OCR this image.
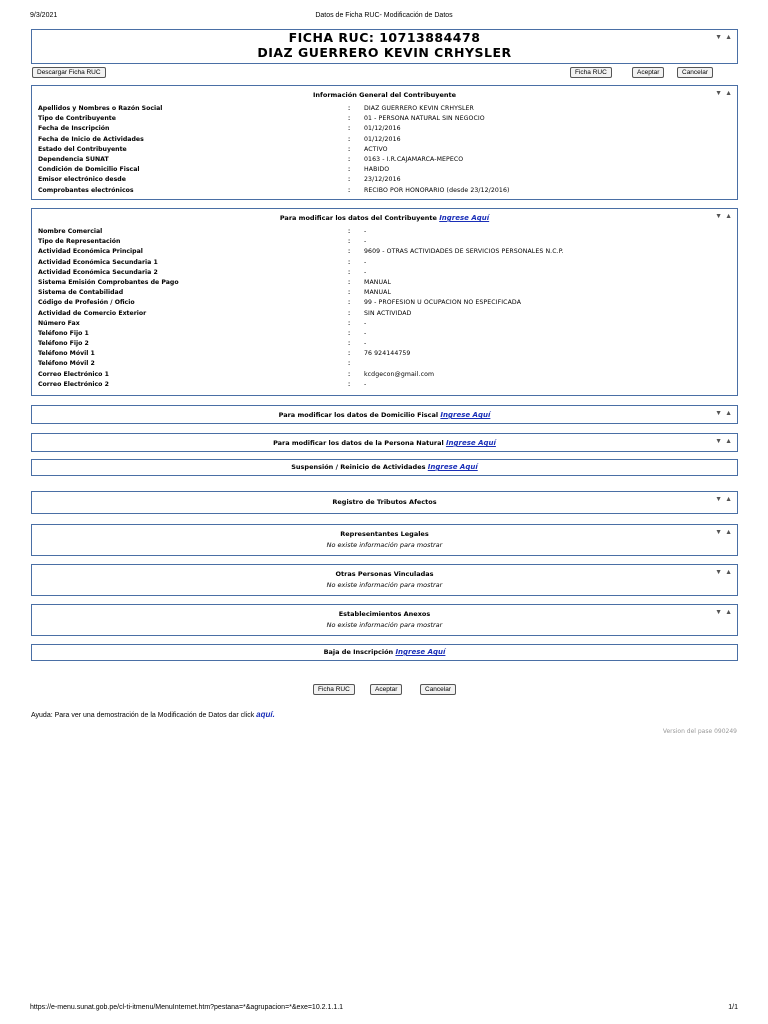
9/3/2021	Datos de Ficha RUC- Modificación de Datos
▼ ▲
FICHA RUC: 10713884478
DIAZ GUERRERO KEVIN CRHYSLER
Descargar Ficha RUC	Ficha RUC	Aceptar	Cancelar
▼ ▲
Información General del Contribuyente
Apellidos y Nombres o Razón Social	: DIAZ GUERRERO KEVIN CRHYSLER
Tipo de Contribuyente	: 01 - PERSONA NATURAL SIN NEGOCIO
Fecha de Inscripción	: 01/12/2016
Fecha de Inicio de Actividades	: 01/12/2016
Estado del Contribuyente	: ACTIVO
Dependencia SUNAT	: 0163 - I.R.CAJAMARCA-MEPECO
Condición de Domicilio Fiscal	: HABIDO
Emisor electrónico desde	: 23/12/2016
Comprobantes electrónicos	: RECIBO POR HONORARIO (desde 23/12/2016)
▼ ▲
Para modificar los datos del Contribuyente Ingrese Aquí
Nombre Comercial	: -
Tipo de Representación	: -
Actividad Económica Principal	: 9609 - OTRAS ACTIVIDADES DE SERVICIOS PERSONALES N.C.P.
Actividad Económica Secundaria 1	: -
Actividad Económica Secundaria 2	: -
Sistema Emisión Comprobantes de Pago	: MANUAL
Sistema de Contabilidad	: MANUAL
Código de Profesión / Oficio	: 99 - PROFESION U OCUPACION NO ESPECIFICADA
Actividad de Comercio Exterior	: SIN ACTIVIDAD
Número Fax	: -
Teléfono Fijo 1	: -
Teléfono Fijo 2	: -
Teléfono Móvil 1	: 76 924144759
Teléfono Móvil 2	:
Correo Electrónico 1	: kcdgecon@gmail.com
Correo Electrónico 2	: -
▼ ▲
Para modificar los datos de Domicilio Fiscal Ingrese Aquí
▼ ▲
Para modificar los datos de la Persona Natural Ingrese Aquí
Suspensión / Reinicio de Actividades Ingrese Aquí
▼ ▲
Registro de Tributos Afectos
▼ ▲
Representantes Legales
No existe información para mostrar
▼ ▲
Otras Personas Vinculadas
No existe información para mostrar
▼ ▲
Establecimientos Anexos
No existe información para mostrar
Baja de Inscripción Ingrese Aquí
Ficha RUC	Aceptar	Cancelar
Ayuda: Para ver una demostración de la Modificación de Datos dar click aquí.
Version del pase 090249
https://e-menu.sunat.gob.pe/cl-ti-itmenu/MenuInternet.htm?pestana=*&agrupacion=*&exe=10.2.1.1.1	1/1
